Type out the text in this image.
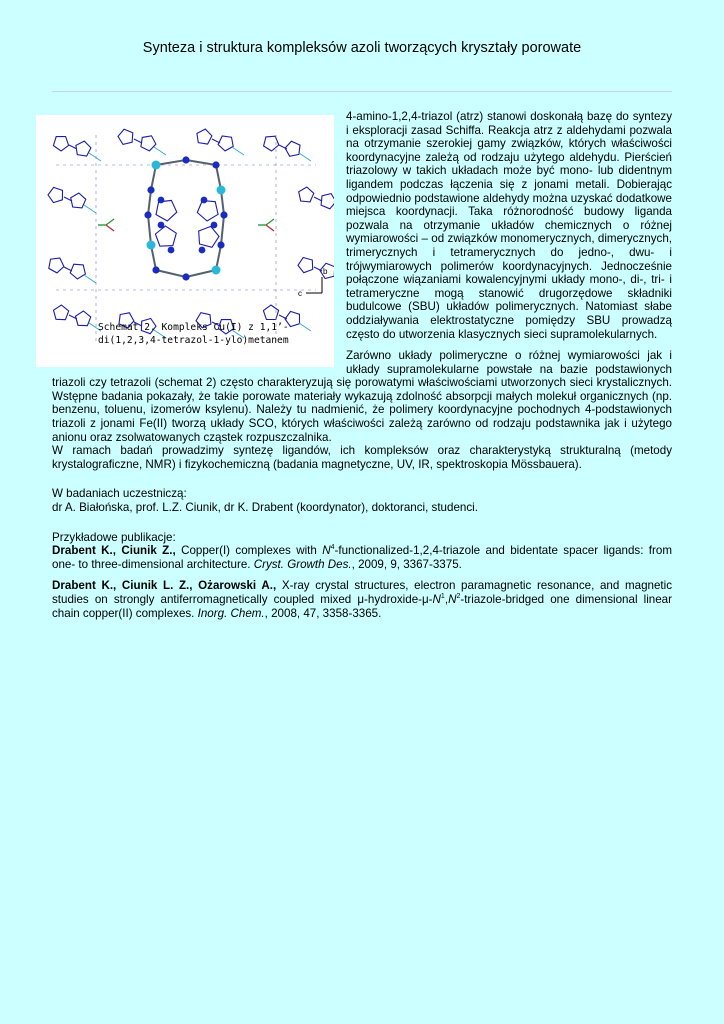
Synteza i struktura kompleksów azoli tworzących kryształy porowate
b
c
Schemat 2. Kompleks Cu(I) z 1,1’-
di(1,2,3,4-tetrazol-1-ylo)metanem

4-amino-1,2,4-triazol (atrz) stanowi doskonałą bazę do syntezy i eksploracji zasad Schiffa. Reakcja atrz z aldehydami pozwala na otrzymanie szerokiej gamy związków, których właściwości koordynacyjne zależą od rodzaju użytego aldehydu. Pierścień triazolowy w takich układach może być mono- lub didentnym ligandem podczas łączenia się z jonami metali. Dobierając odpowiednio podstawione aldehydy można uzyskać dodatkowe miejsca koordynacji. Taka różnorodność budowy liganda pozwala na otrzymanie układów chemicznych o różnej wymiarowości – od związków monomerycznych, dimerycznych, trimerycznych i tetramerycznych do jedno-, dwu- i trójwymiarowych polimerów koordynacyjnych. Jednocześnie połączone wiązaniami kowalencyjnymi układy mono-, di-, tri- i tetrameryczne mogą stanowić drugorzędowe składniki budulcowe (SBU) układów polimerycznych. Natomiast słabe oddziaływania elektrostatyczne pomiędzy SBU prowadzą często do utworzenia klasycznych sieci supramolekularnych.

Zarówno układy polimeryczne o różnej wymiarowości jak i układy supramolekularne powstałe na bazie podstawionych triazoli czy tetrazoli (schemat 2) często charakteryzują się porowatymi właściwościami utworzonych sieci krystalicznych. Wstępne badania pokazały, że takie porowate materiały wykazują zdolność absorpcji małych molekuł organicznych (np. benzenu, toluenu, izomerów ksylenu). Należy tu nadmienić, że polimery koordynacyjne pochodnych 4-podstawionych triazoli z jonami Fe(II) tworzą układy SCO, których właściwości zależą zarówno od rodzaju podstawnika jak i użytego anionu oraz zsolwatowanych cząstek rozpuszczalnika.

W ramach badań prowadzimy syntezę ligandów, ich kompleksów oraz charakterystyką strukturalną (metody krystalograficzne, NMR) i fizykochemiczną (badania magnetyczne, UV, IR, spektroskopia Mössbauera).

W badaniach uczestniczą:
dr A. Białońska, prof. L.Z. Ciunik, dr K. Drabent (koordynator), doktoranci, studenci.
Przykładowe publikacje:

Drabent K., Ciunik Z., Copper(I) complexes with $N^4-functionalized-1,2,4$-triazole and bidentate spacer ligands: from one- to three-dimensional architecture. Cryst. Growth Des., 2009, 9, 3367-3375.

Drabent K., Ciunik L. Z., Ożarowski A., X-ray crystal structures, electron paramagnetic resonance, and magnetic studies on strongly antiferromagnetically coupled mixed $\mu-hydroxide-\mu-N^1,N^2-triazole$-bridged one dimensional linear chain copper(II) complexes. Inorg. Chem., 2008, 47, 3358-3365.
